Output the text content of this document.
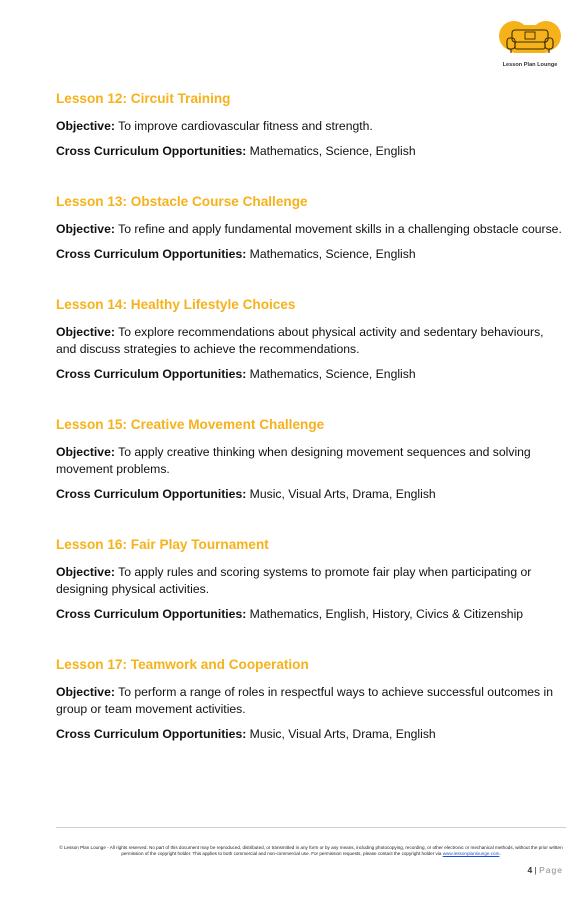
Lesson Plan Lounge

Lesson 12: Circuit Training

Objective: To improve cardiovascular fitness and strength.

Cross Curriculum Opportunities: Mathematics, Science, English

Lesson 13: Obstacle Course Challenge

Objective: To refine and apply fundamental movement skills in a challenging obstacle course.

Cross Curriculum Opportunities: Mathematics, Science, English

Lesson 14: Healthy Lifestyle Choices

Objective: To explore recommendations about physical activity and sedentary behaviours, and discuss strategies to achieve the recommendations.

Cross Curriculum Opportunities: Mathematics, Science, English

Lesson 15: Creative Movement Challenge

Objective: To apply creative thinking when designing movement sequences and solving movement problems.

Cross Curriculum Opportunities: Music, Visual Arts, Drama, English

Lesson 16: Fair Play Tournament

Objective: To apply rules and scoring systems to promote fair play when participating or designing physical activities.

Cross Curriculum Opportunities: Mathematics, English, History, Civics & Citizenship

Lesson 17: Teamwork and Cooperation

Objective: To perform a range of roles in respectful ways to achieve successful outcomes in group or team movement activities.

Cross Curriculum Opportunities: Music, Visual Arts, Drama, English

© Lesson Plan Lounge - All rights reserved. No part of this document may be reproduced, distributed, or transmitted in any form or by any means, including photocopying, recording, or other electronic or mechanical methods, without the prior written permission of the copyright holder. This applies to both commercial and non-commercial use. For permission requests, please contact the copyright holder via www.lessonplanlounge.com.
4 | Page
